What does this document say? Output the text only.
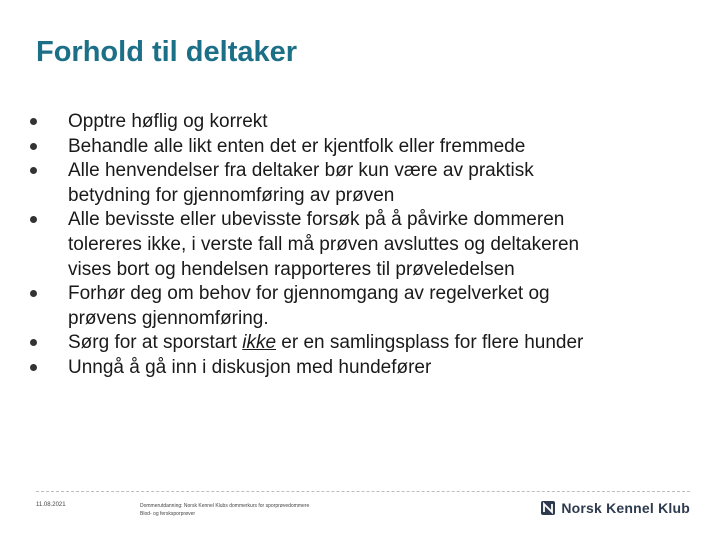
Forhold til deltaker
Opptre høflig og korrekt
Behandle alle likt enten det er kjentfolk eller fremmede
Alle henvendelser fra deltaker bør kun være av praktisk
betydning for gjennomføring av prøven
Alle bevisste eller ubevisste forsøk på å påvirke dommeren
tolereres ikke, i verste fall må prøven avsluttes og deltakeren
vises bort og hendelsen rapporteres til prøveledelsen
Forhør deg om behov for gjennomgang av regelverket og
prøvens gjennomføring.
Sørg for at sporstart ikke er en samlingsplass for flere hunder
Unngå å gå inn i diskusjon med hundefører
11.08.2021	Dommerutdanning: Norsk Kennel Klubs dommerkurs for sporprøvedommere
Blod- og fersksporprøver	Norsk Kennel Klub
